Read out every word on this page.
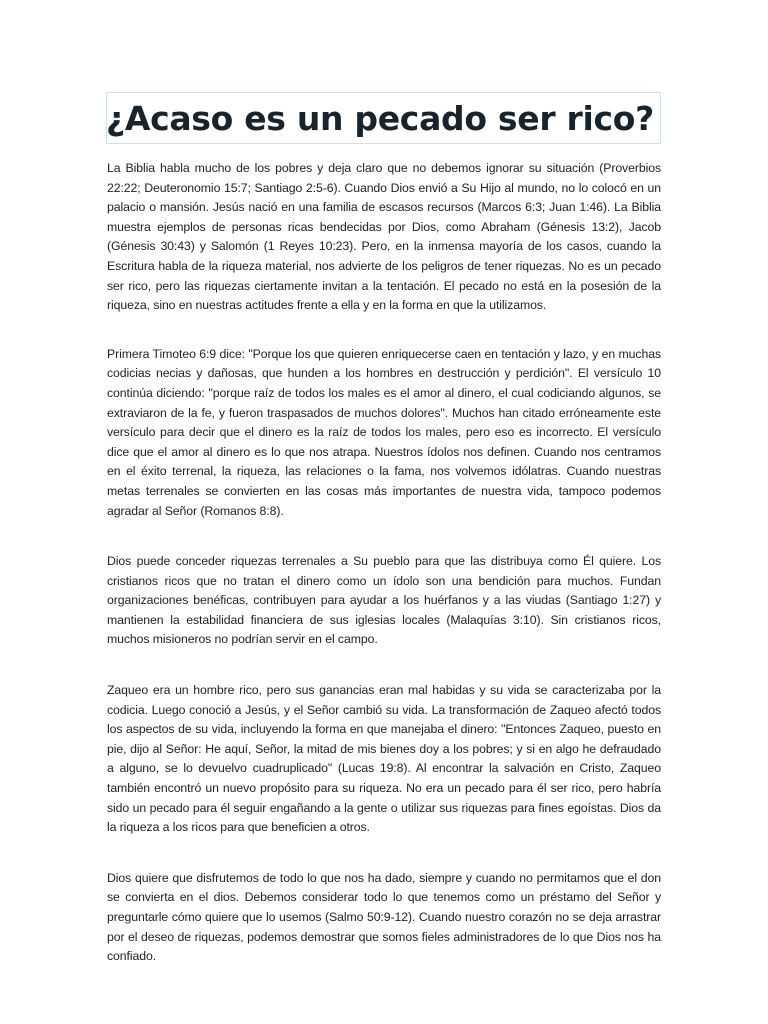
¿Acaso es un pecado ser rico?

La Biblia habla mucho de los pobres y deja claro que no debemos ignorar su situación (Proverbios 22:22; Deuteronomio 15:7; Santiago 2:5-6). Cuando Dios envió a Su Hijo al mundo, no lo colocó en un palacio o mansión. Jesús nació en una familia de escasos recursos (Marcos 6:3; Juan 1:46). La Biblia muestra ejemplos de personas ricas bendecidas por Dios, como Abraham (Génesis 13:2), Jacob (Génesis 30:43) y Salomón (1 Reyes 10:23). Pero, en la inmensa mayoría de los casos, cuando la Escritura habla de la riqueza material, nos advierte de los peligros de tener riquezas. No es un pecado ser rico, pero las riquezas ciertamente invitan a la tentación. El pecado no está en la posesión de la riqueza, sino en nuestras actitudes frente a ella y en la forma en que la utilizamos.

Primera Timoteo 6:9 dice: "Porque los que quieren enriquecerse caen en tentación y lazo, y en muchas codicias necias y dañosas, que hunden a los hombres en destrucción y perdición". El versículo 10 continúa diciendo: "porque raíz de todos los males es el amor al dinero, el cual codiciando algunos, se extraviaron de la fe, y fueron traspasados de muchos dolores". Muchos han citado erróneamente este versículo para decir que el dinero es la raíz de todos los males, pero eso es incorrecto. El versículo dice que el amor al dinero es lo que nos atrapa. Nuestros ídolos nos definen. Cuando nos centramos en el éxito terrenal, la riqueza, las relaciones o la fama, nos volvemos idólatras. Cuando nuestras metas terrenales se convierten en las cosas más importantes de nuestra vida, tampoco podemos agradar al Señor (Romanos 8:8).

Dios puede conceder riquezas terrenales a Su pueblo para que las distribuya como Él quiere. Los cristianos ricos que no tratan el dinero como un ídolo son una bendición para muchos. Fundan organizaciones benéficas, contribuyen para ayudar a los huérfanos y a las viudas (Santiago 1:27) y mantienen la estabilidad financiera de sus iglesias locales (Malaquías 3:10). Sin cristianos ricos, muchos misioneros no podrían servir en el campo.

Zaqueo era un hombre rico, pero sus ganancias eran mal habidas y su vida se caracterizaba por la codicia. Luego conoció a Jesús, y el Señor cambió su vida. La transformación de Zaqueo afectó todos los aspectos de su vida, incluyendo la forma en que manejaba el dinero: "Entonces Zaqueo, puesto en pie, dijo al Señor: He aquí, Señor, la mitad de mis bienes doy a los pobres; y si en algo he defraudado a alguno, se lo devuelvo cuadruplicado" (Lucas 19:8). Al encontrar la salvación en Cristo, Zaqueo también encontró un nuevo propósito para su riqueza. No era un pecado para él ser rico, pero habría sido un pecado para él seguir engañando a la gente o utilizar sus riquezas para fines egoístas. Dios da la riqueza a los ricos para que beneficien a otros.

Dios quiere que disfrutemos de todo lo que nos ha dado, siempre y cuando no permitamos que el don se convierta en el dios. Debemos considerar todo lo que tenemos como un préstamo del Señor y preguntarle cómo quiere que lo usemos (Salmo 50:9-12). Cuando nuestro corazón no se deja arrastrar por el deseo de riquezas, podemos demostrar que somos fieles administradores de lo que Dios nos ha confiado.
